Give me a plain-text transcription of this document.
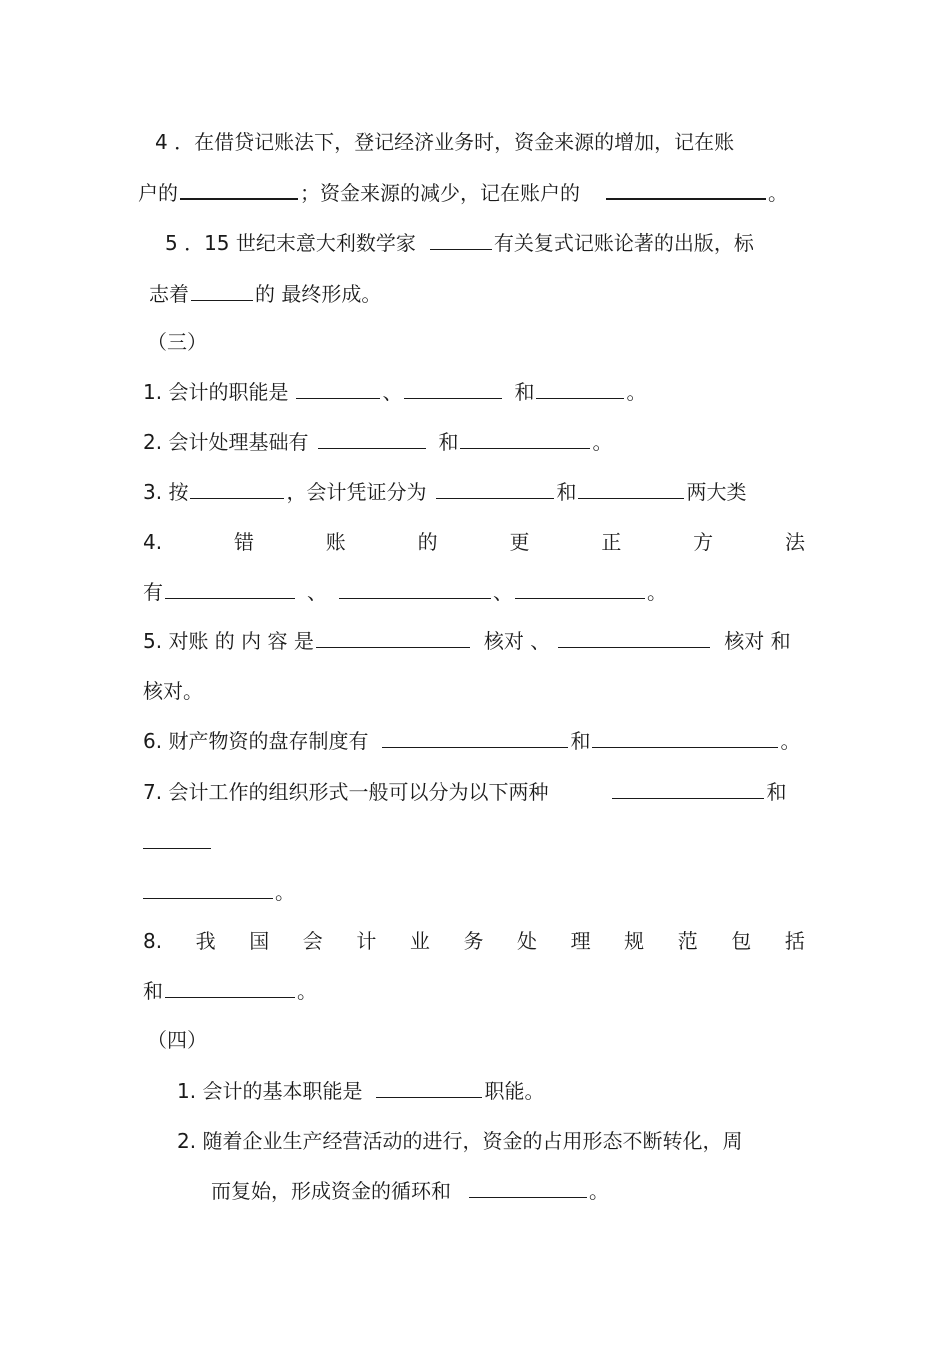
4 ．在借贷记账法下，登记经济业务时，资金来源的增加，记在账
户的	；资金来源的减少，记在账户的	。
5 ．15 世纪末意大利数学家	有关复式记账论著的出版，标
志着	的 最终形成。
（三）
1. 会计的职能是	、	和	。
2. 会计处理基础有	和	。
3. 按	，会计凭证分为	和	两大类
4.	错	账	的	更	正	方	法
有	、	、	。
5. 对账 的 内 容 是	核对 、	核对 和
核对。
6. 财产物资的盘存制度有	和	。
7. 会计工作的组织形式一般可以分为以下两种	和
。
8. 我 国 会 计 业 务 处 理 规 范 包 括
和	。
（四）
1. 会计的基本职能是	职能。
2. 随着企业生产经营活动的进行，资金的占用形态不断转化，周
而复始，形成资金的循环和	。
